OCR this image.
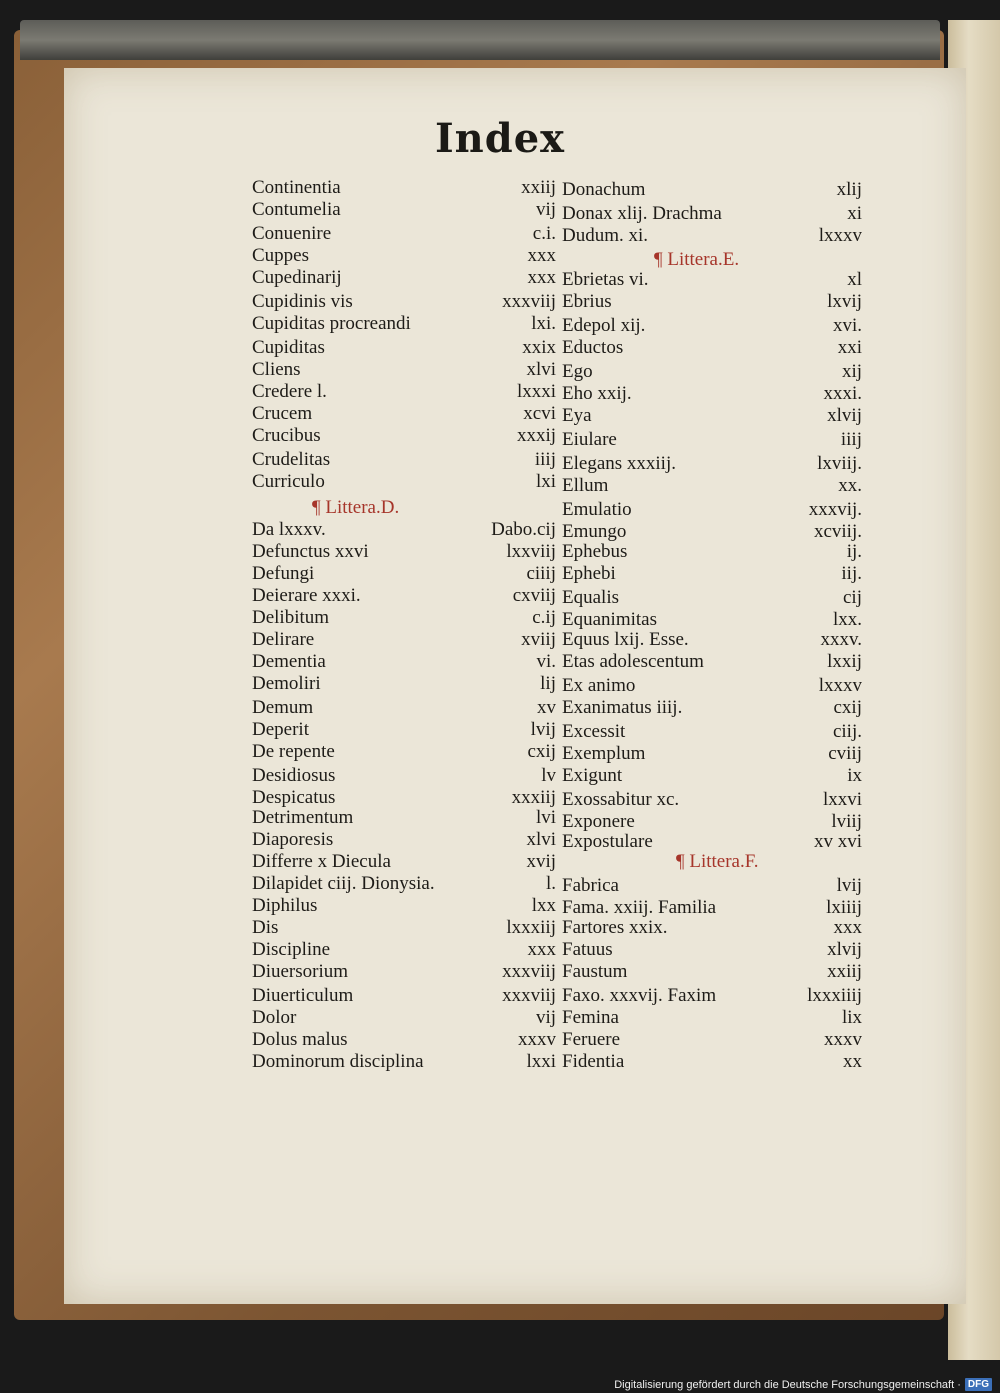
Index
Continentia	xxiij
Contumelia	vij
Conuenire	c.i.
Cuppes	xxx
Cupedinarij	xxx
Cupidinis vis	xxxviij
Cupiditas procreandi	lxi.
Cupiditas	xxix
Cliens	xlvi
Credere l.	lxxxi
Crucem	xcvi
Crucibus	xxxij
Crudelitas	iiij
Curriculo	lxi
Da lxxxv.	Dabo.cij
Defunctus xxvi	lxxviij
Defungi	ciiij
Deierare xxxi.	cxviij
Delibitum	c.ij
Delirare	xviij
Dementia	vi.
Demoliri	lij
Demum	xv
Deperit	lvij
De repente	cxij
Desidiosus	lv
Despicatus	xxxiij
Detrimentum	lvi
Diaporesis	xlvi
Differre x Diecula	xvij
Dilapidet ciij. Dionysia.	l.
Diphilus	lxx
Dis	lxxxiij
Discipline	xxx
Diuersorium	xxxviij
Diuerticulum	xxxviij
Dolor	vij
Dolus malus	xxxv
Dominorum disciplina	lxxi
Donachum	xlij
Donax xlij. Drachma	xi
Dudum. xi.	lxxxv
Ebrietas vi.	xl
Ebrius	lxvij
Edepol xij.	xvi.
Eductos	xxi
Ego	xij
Eho xxij.	xxxi.
Eya	xlvij
Eiulare	iiij
Elegans xxxiij.	lxviij.
Ellum	xx.
Emulatio	xxxvij.
Emungo	xcviij.
Ephebus	ij.
Ephebi	iij.
Equalis	cij
Equanimitas	lxx.
Equus lxij. Esse.	xxxv.
Etas adolescentum	lxxij
Ex animo	lxxxv
Exanimatus iiij.	cxij
Excessit	ciij.
Exemplum	cviij
Exigunt	ix
Exossabitur xc.	lxxvi
Exponere	lviij
Expostulare	xv xvi
Fabrica	lvij
Fama. xxiij. Familia	lxiiij
Fartores xxix.	xxx
Fatuus	xlvij
Faustum	xxiij
Faxo. xxxvij. Faxim	lxxxiiij
Femina	lix
Feruere	xxxv
Fidentia	xx
¶ Littera.D.
¶ Littera.E.
¶ Littera.F.
Digitalisierung gefördert durch die Deutsche Forschungsgemeinschaft · DFG
